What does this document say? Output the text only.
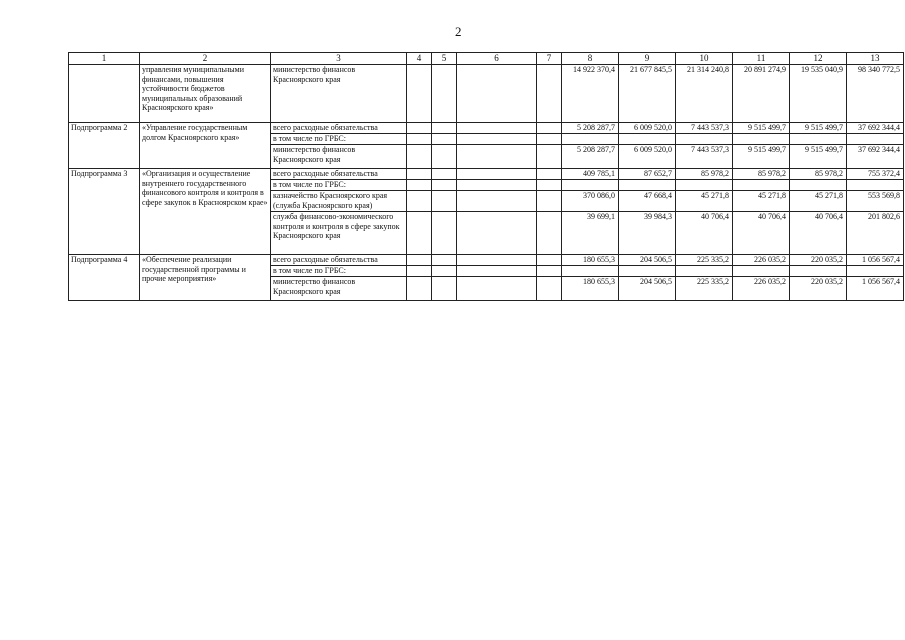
2
1	2	3	4	5	6	7	8	9	10	11	12	13
	управления муниципальными финансами, повышения устойчивости бюджетов муниципальных образований Красноярского края»	министерство финансов Красноярского края					14 922 370,4	21 677 845,5	21 314 240,8	20 891 274,9	19 535 040,9	98 340 772,5
Подпрограмма 2	«Управление государственным долгом Красноярского края»	всего расходные обязательства					5 208 287,7	6 009 520,0	7 443 537,3	9 515 499,7	9 515 499,7	37 692 344,4
		в том числе по ГРБС:										
		министерство финансов Красноярского края					5 208 287,7	6 009 520,0	7 443 537,3	9 515 499,7	9 515 499,7	37 692 344,4
Подпрограмма 3	«Организация и осуществление внутреннего государственного финансового контроля и контроля в сфере закупок в Красноярском крае»	всего расходные обязательства					409 785,1	87 652,7	85 978,2	85 978,2	85 978,2	755 372,4
		в том числе по ГРБС:										
		казначейство Красноярского края (служба Красноярского края)					370 086,0	47 668,4	45 271,8	45 271,8	45 271,8	553 569,8
		служба финансово-экономического контроля и контроля в сфере закупок Красноярского края					39 699,1	39 984,3	40 706,4	40 706,4	40 706,4	201 802,6
Подпрограмма 4	«Обеспечение реализации государственной программы и прочие мероприятия»	всего расходные обязательства					180 655,3	204 506,5	225 335,2	226 035,2	220 035,2	1 056 567,4
		в том числе по ГРБС:										
		министерство финансов Красноярского края					180 655,3	204 506,5	225 335,2	226 035,2	220 035,2	1 056 567,4
